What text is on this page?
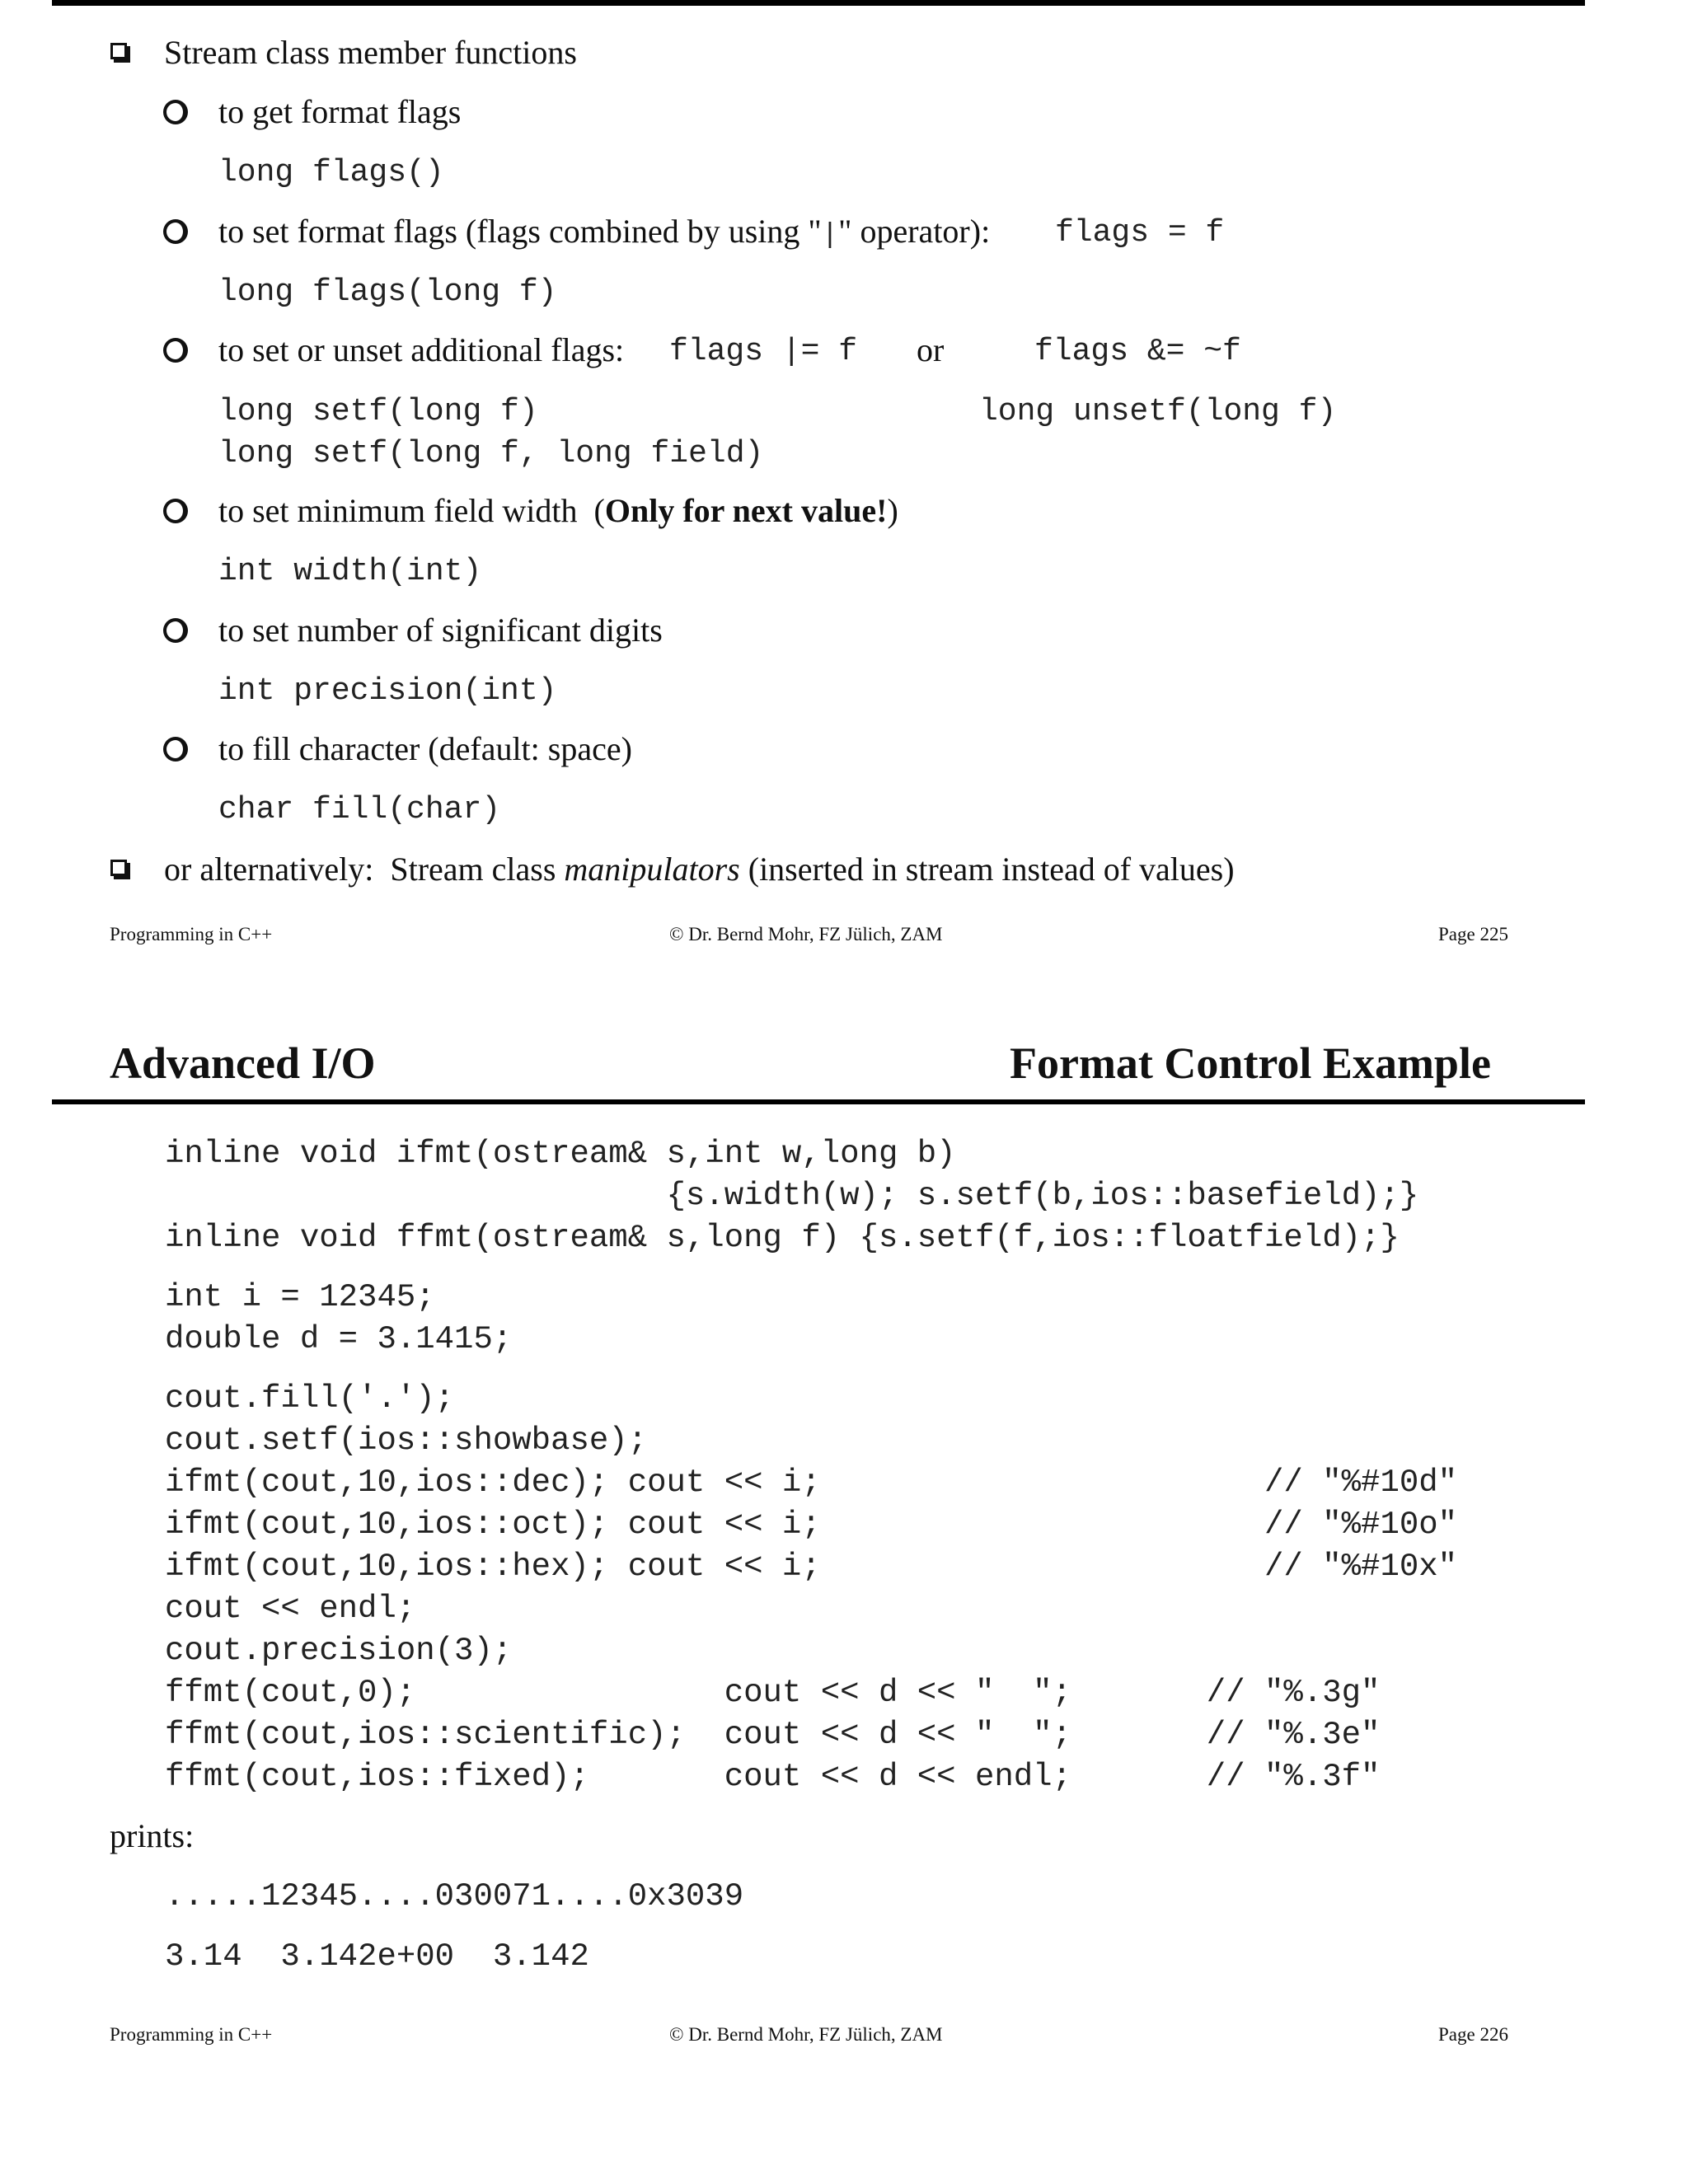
Stream class member functions
to get format flags
long flags()
to set format flags (flags combined by using "|" operator): flags = f
long flags(long f)
to set or unset additional flags: flags |= f or	flags &= ~f
long setf(long f)	long unsetf(long f)
long setf(long f, long field)
to set minimum field width  (Only for next value!)
int width(int)
to set number of significant digits
int precision(int)
to fill character (default: space)
char fill(char)
or alternatively:  Stream class manipulators (inserted in stream instead of values)
Programming in C++	© Dr. Bernd Mohr, FZ Jülich, ZAM	Page 225
Advanced I/O	Format Control Example
inline void ifmt(ostream& s,int w,long b)
{s.width(w); s.setf(b,ios::basefield);}
inline void ffmt(ostream& s,long f) {s.setf(f,ios::floatfield);}
int i = 12345;
double d = 3.1415;
cout.fill('.');
cout.setf(ios::showbase);
ifmt(cout,10,ios::dec); cout << i;                       // "%#10d"
ifmt(cout,10,ios::oct); cout << i;                       // "%#10o"
ifmt(cout,10,ios::hex); cout << i;                       // "%#10x"
cout << endl;
cout.precision(3);
ffmt(cout,0);                cout << d << "  ";       // "%.3g"
ffmt(cout,ios::scientific);  cout << d << "  ";       // "%.3e"
ffmt(cout,ios::fixed);       cout << d << endl;       // "%.3f"
prints:
.....12345....030071....0x3039
3.14  3.142e+00  3.142
Programming in C++	© Dr. Bernd Mohr, FZ Jülich, ZAM	Page 226
